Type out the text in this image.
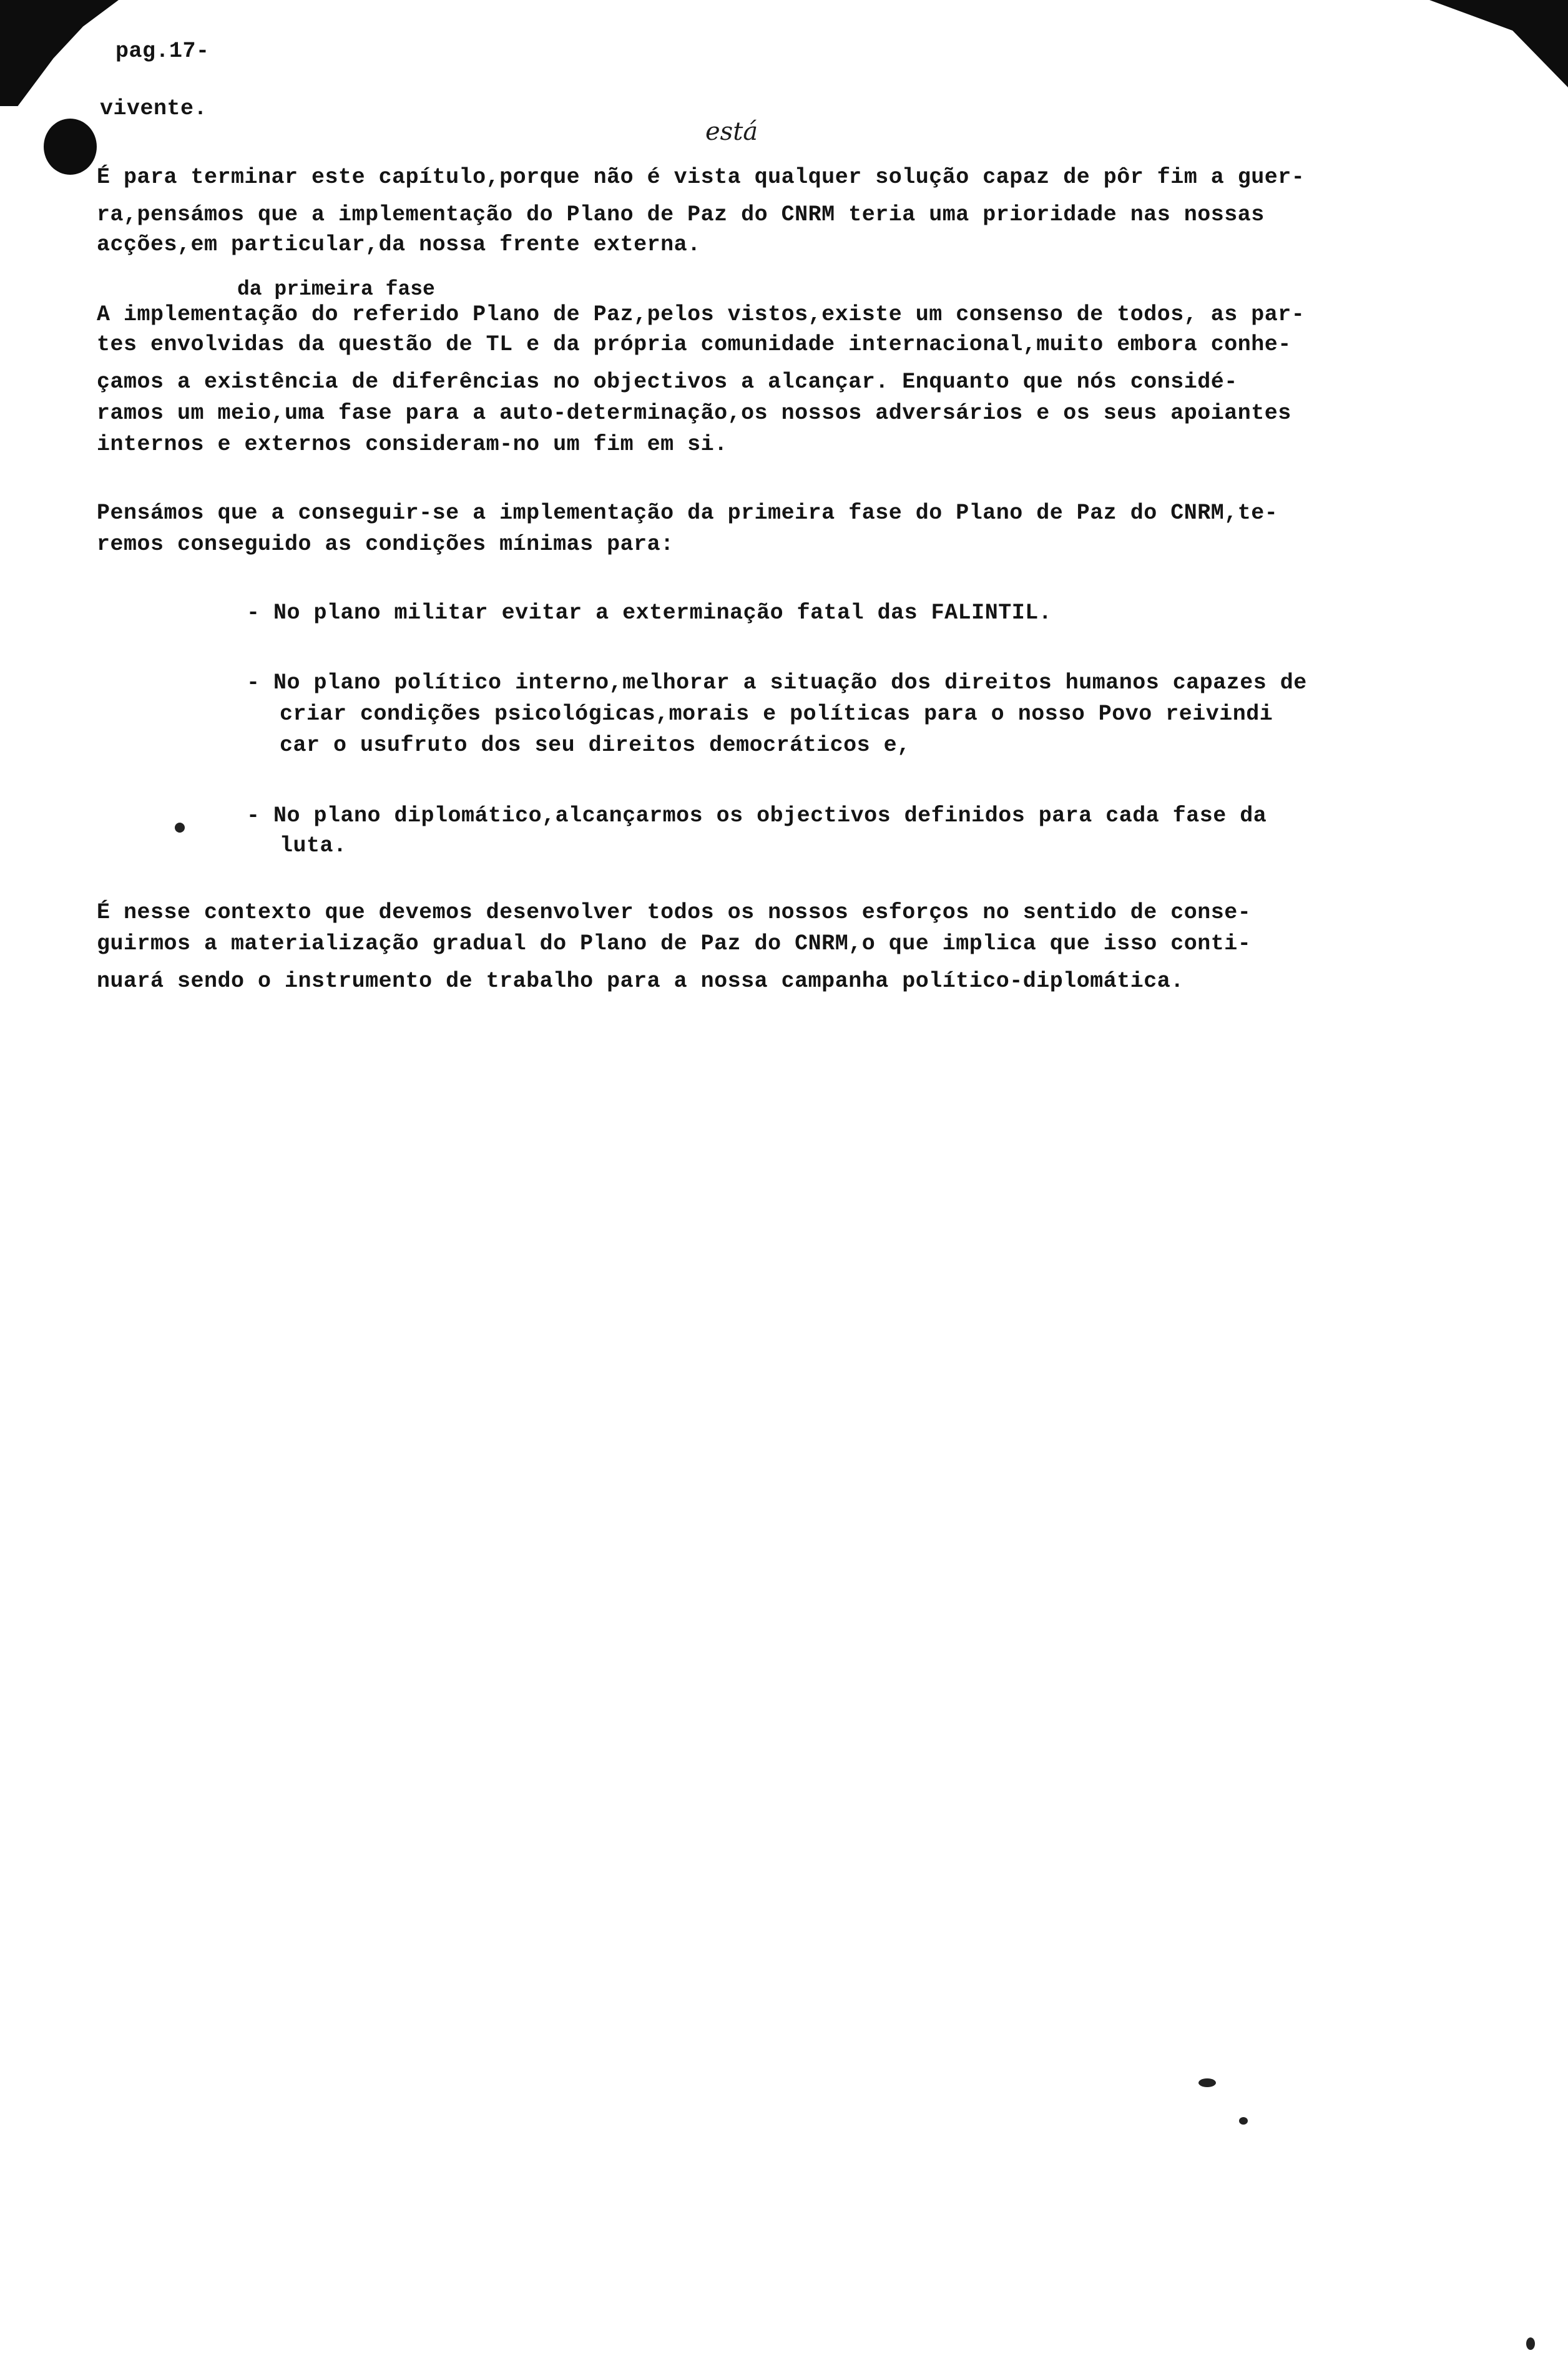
pag.17-
vivente.
está
É para terminar este capítulo,porque não é vista qualquer solução capaz de pôr fim a guer-
ra,pensámos que a implementação do Plano de Paz do CNRM teria uma prioridade nas nossas
acções,em particular,da nossa frente externa.
da primeira fase
A implementação do referido Plano de Paz,pelos vistos,existe um consenso de todos, as par-
tes envolvidas da questão de TL e da própria comunidade internacional,muito embora conhe-
çamos a existência de diferências no objectivos a alcançar. Enquanto que nós considé-
ramos um meio,uma fase para a auto-determinação,os nossos adversários e os seus apoiantes
internos e externos consideram-no um fim em si.
Pensámos que a conseguir-se a implementação da primeira fase do Plano de Paz do CNRM,te-
remos conseguido as condições mínimas para:
- No plano militar evitar a exterminação fatal das FALINTIL.
- No plano político interno,melhorar a situação dos direitos humanos capazes de
criar condições psicológicas,morais e políticas para o nosso Povo reivindi
car o usufruto dos seu direitos democráticos e,
- No plano diplomático,alcançarmos os objectivos definidos para cada fase da
luta.
É nesse contexto que devemos desenvolver todos os nossos esforços no sentido de conse-
guirmos a materialização gradual do Plano de Paz do CNRM,o que implica que isso conti-
nuará sendo o instrumento de trabalho para a nossa campanha político-diplomática.
